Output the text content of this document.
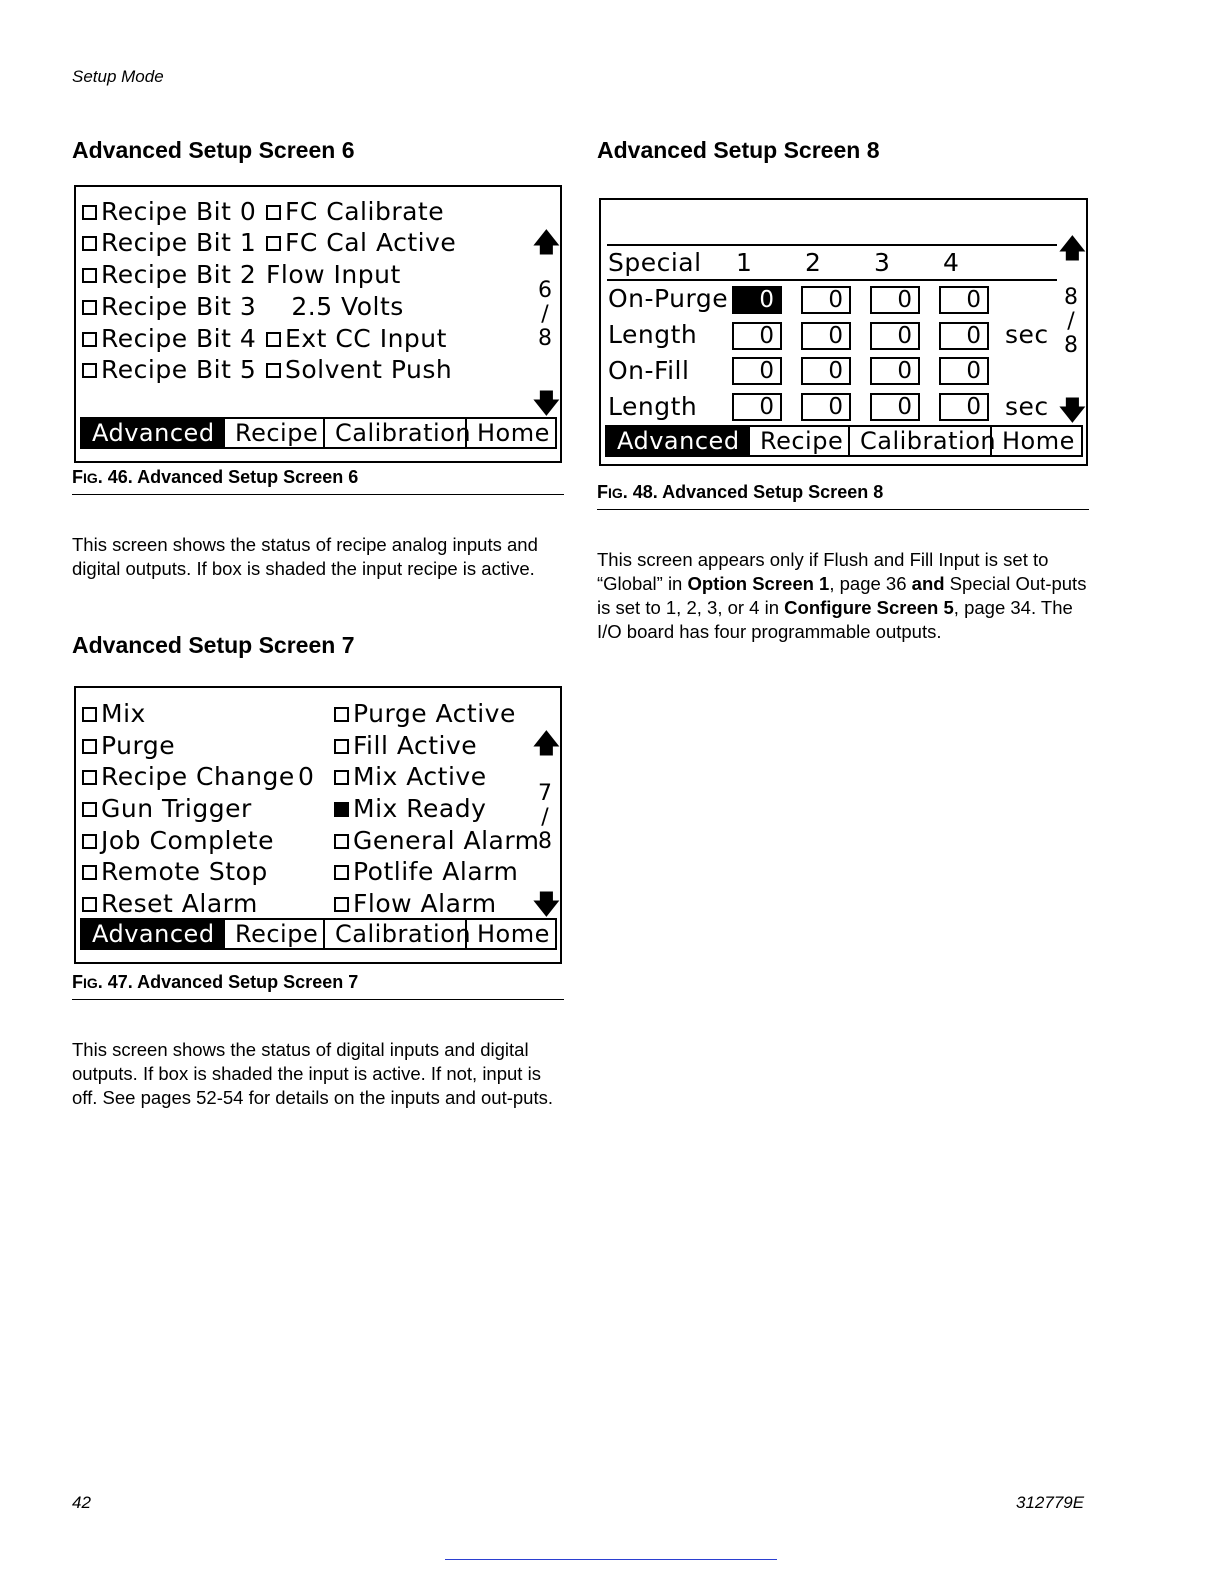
Setup Mode
Advanced Setup Screen 6
Recipe Bit 0	FC Calibrate
Recipe Bit 1	FC Cal Active
Recipe Bit 2 Flow Input
Recipe Bit 3 2.5 Volts
Recipe Bit 4	Ext CC Input
Recipe Bit 5	Solvent Push
🡅
6
/
8
🡇
Advanced Recipe Calibration Home
FIG. 46. Advanced Setup Screen 6
This screen shows the status of recipe analog inputs and digital outputs. If box is shaded the input recipe is active.
Advanced Setup Screen 7
Mix	Purge Active
Purge	Fill Active
Recipe Change 0	Mix Active
Gun Trigger	Mix Ready
Job Complete	General Alarm
Remote Stop	Potlife Alarm
Reset Alarm	Flow Alarm
🡅
7
/
8
🡇
Advanced Recipe Calibration Home
FIG. 47. Advanced Setup Screen 7
This screen shows the status of digital inputs and digital outputs. If box is shaded the input is active. If not, input is off. See pages 52-54 for details on the inputs and out-puts.
Advanced Setup Screen 8
Special 1 2 3 4
On-Purge	0	0	0	0
Length	0	0	0	0 sec
On-Fill	0	0	0	0
Length	0	0	0	0 sec
🡅
8
/
8
🡇
Advanced Recipe Calibration Home
FIG. 48. Advanced Setup Screen 8
This screen appears only if Flush and Fill Input is set to “Global” in Option Screen 1, page 36 and Special Out-puts is set to 1, 2, 3, or 4 in Configure Screen 5, page 34. The I/O board has four programmable outputs.
42	312779E
